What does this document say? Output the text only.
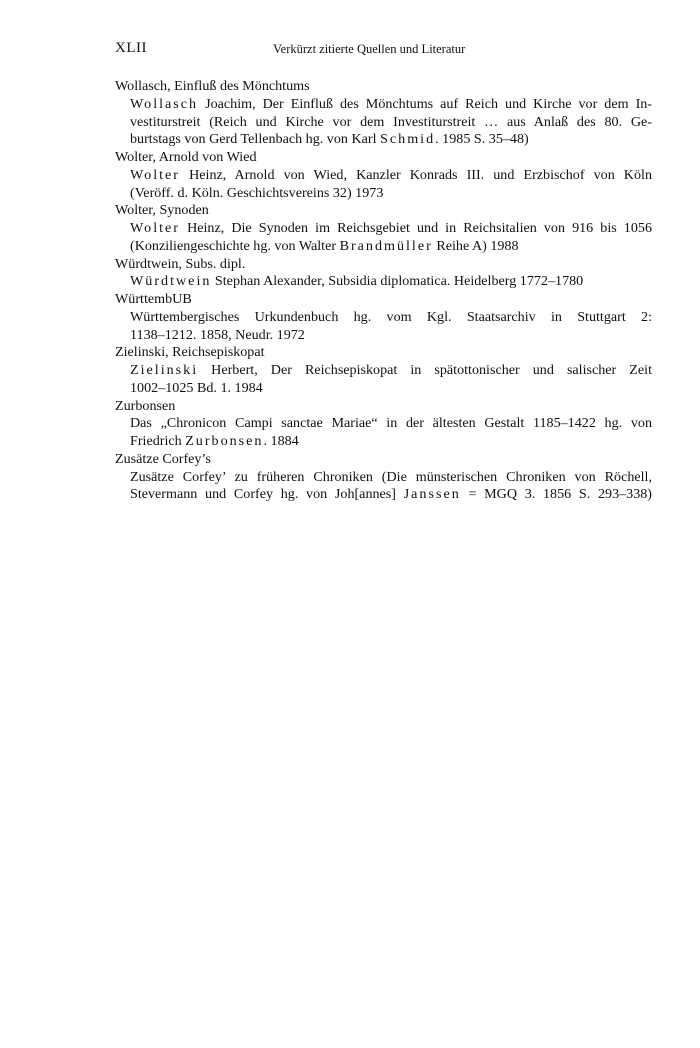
XLII	Verkürzt zitierte Quellen und Literatur
Wollasch, Einfluß des Mönchtums
Wollasch Joachim, Der Einfluß des Mönchtums auf Reich und Kirche vor dem In-
vestiturstreit (Reich und Kirche vor dem Investiturstreit … aus Anlaß des 80. Ge-
burtstags von Gerd Tellenbach hg. von Karl Schmid. 1985 S. 35–48)
Wolter, Arnold von Wied
Wolter Heinz, Arnold von Wied, Kanzler Konrads III. und Erzbischof von Köln
(Veröff. d. Köln. Geschichtsvereins 32) 1973
Wolter, Synoden
Wolter Heinz, Die Synoden im Reichsgebiet und in Reichsitalien von 916 bis 1056
(Konziliengeschichte hg. von Walter Brandmüller Reihe A) 1988
Würdtwein, Subs. dipl.
Würdtwein Stephan Alexander, Subsidia diplomatica. Heidelberg 1772–1780
WürttembUB
Württembergisches Urkundenbuch hg. vom Kgl. Staatsarchiv in Stuttgart 2:
1138–1212. 1858, Neudr. 1972
Zielinski, Reichsepiskopat
Zielinski Herbert, Der Reichsepiskopat in spätottonischer und salischer Zeit
1002–1025 Bd. 1. 1984
Zurbonsen
Das „Chronicon Campi sanctae Mariae“ in der ältesten Gestalt 1185–1422 hg. von
Friedrich Zurbonsen. 1884
Zusätze Corfey’s
Zusätze Corfey’ zu früheren Chroniken (Die münsterischen Chroniken von Röchell,
Stevermann und Corfey hg. von Joh[annes] Janssen = MGQ 3. 1856 S. 293–338)
